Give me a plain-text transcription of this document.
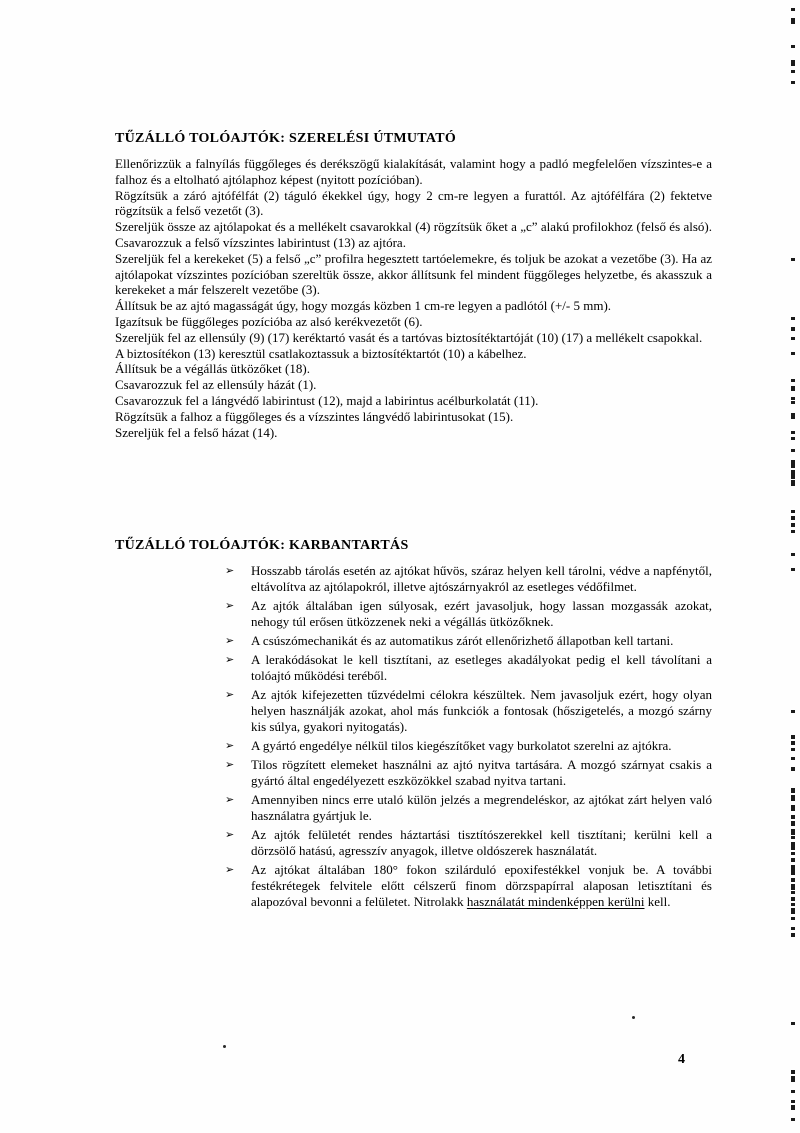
TŰZÁLLÓ TOLÓAJTÓK: SZERELÉSI ÚTMUTATÓ

Ellenőrizzük a falnyílás függőleges és derékszögű kialakítását, valamint hogy a padló megfelelően vízszintes-e a falhoz és a eltolható ajtólaphoz képest (nyitott pozícióban).

Rögzítsük a záró ajtófélfát (2) táguló ékekkel úgy, hogy 2 cm-re legyen a furattól. Az ajtófélfára (2) fektetve rögzítsük a felső vezetőt (3).

Szereljük össze az ajtólapokat és a mellékelt csavarokkal (4) rögzítsük őket a „c” alakú profilokhoz (felső és alsó). Csavarozzuk a felső vízszintes labirintust (13) az ajtóra.

Szereljük fel a kerekeket (5) a felső „c” profilra hegesztett tartóelemekre, és toljuk be azokat a vezetőbe (3). Ha az ajtólapokat vízszintes pozícióban szereltük össze, akkor állítsunk fel mindent függőleges helyzetbe, és akasszuk a kerekeket a már felszerelt vezetőbe (3).

Állítsuk be az ajtó magasságát úgy, hogy mozgás közben 1 cm-re legyen a padlótól (+/- 5 mm).

Igazítsuk be függőleges pozícióba az alsó kerékvezetőt (6).

Szereljük fel az ellensúly (9) (17) keréktartó vasát és a tartóvas biztosítéktartóját (10) (17) a mellékelt csapokkal.

A biztosítékon (13) keresztül csatlakoztassuk a biztosítéktartót (10) a kábelhez.

Állítsuk be a végállás ütközőket (18).

Csavarozzuk fel az ellensúly házát (1).

Csavarozzuk fel a lángvédő labirintust (12), majd a labirintus acélburkolatát (11).

Rögzítsük a falhoz a függőleges és a vízszintes lángvédő labirintusokat (15).

Szereljük fel a felső házat (14).

TŰZÁLLÓ TOLÓAJTÓK: KARBANTARTÁS
➢	Hosszabb tárolás esetén az ajtókat hűvös, száraz helyen kell tárolni, védve a napfénytől, eltávolítva az ajtólapokról, illetve ajtószárnyakról az esetleges védőfilmet.
➢	Az ajtók általában igen súlyosak, ezért javasoljuk, hogy lassan mozgassák azokat, nehogy túl erősen ütközzenek neki a végállás ütközőknek.
➢	A csúszómechanikát és az automatikus zárót ellenőrizhető állapotban kell tartani.
➢	A lerakódásokat le kell tisztítani, az esetleges akadályokat pedig el kell távolítani a tolóajtó működési teréből.
➢	Az ajtók kifejezetten tűzvédelmi célokra készültek. Nem javasoljuk ezért, hogy olyan helyen használják azokat, ahol más funkciók a fontosak (hőszigetelés, a mozgó szárny kis súlya, gyakori nyitogatás).
➢	A gyártó engedélye nélkül tilos kiegészítőket vagy burkolatot szerelni az ajtókra.
➢	Tilos rögzített elemeket használni az ajtó nyitva tartására. A mozgó szárnyat csakis a gyártó által engedélyezett eszközökkel szabad nyitva tartani.
➢	Amennyiben nincs erre utaló külön jelzés a megrendeléskor, az ajtókat zárt helyen való használatra gyártjuk le.
➢	Az ajtók felületét rendes háztartási tisztítószerekkel kell tisztítani; kerülni kell a dörzsölő hatású, agresszív anyagok, illetve oldószerek használatát.
➢	Az ajtókat általában 180° fokon szilárduló epoxifestékkel vonjuk be. A további festékrétegek felvitele előtt célszerű finom dörzspapírral alaposan letisztítani és alapozóval bevonni a felületet. Nitrolakk használatát mindenképpen kerülni kell.
4
